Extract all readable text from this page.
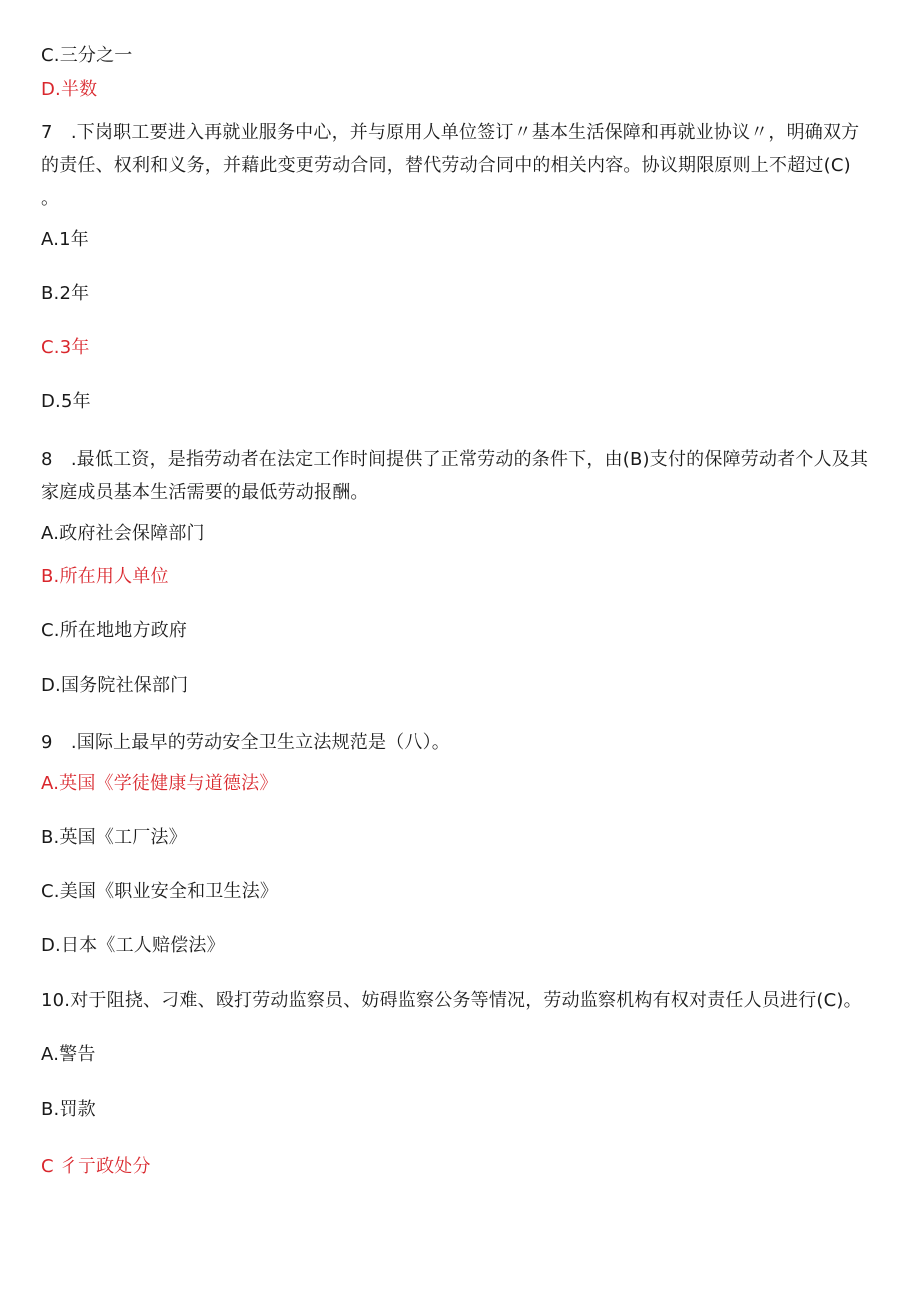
C.三分之一
D.半数
7　.下岗职工要进入再就业服务中心，并与原用人单位签订〃基本生活保障和再就业协议〃，明确双方
的责任、权利和义务，并藉此变更劳动合同，替代劳动合同中的相关内容。协议期限原则上不超过(C)
。
A.1年
B.2年
C.3年
D.5年
8　.最低工资，是指劳动者在法定工作时间提供了正常劳动的条件下，由(B)支付的保障劳动者个人及其
家庭成员基本生活需要的最低劳动报酬。
A.政府社会保障部门
B.所在用人单位
C.所在地地方政府
D.国务院社保部门
9　.国际上最早的劳动安全卫生立法规范是（八）。
A.英国《学徒健康与道德法》
B.英国《工厂法》
C.美国《职业安全和卫生法》
D.日本《工人赔偿法》
10.对于阻挠、刁难、殴打劳动监察员、妨碍监察公务等情况，劳动监察机构有权对责任人员进行(C)。
A.警告
B.罚款
C 彳亍政处分
